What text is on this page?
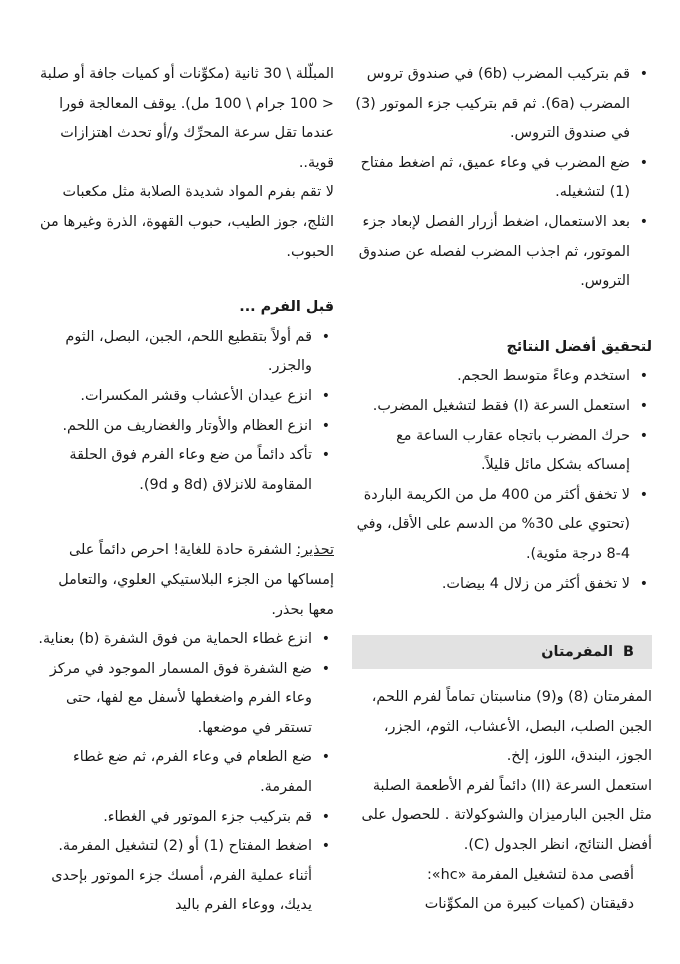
• قم بتركيب المضرب (6b) في صندوق تروس المضرب (6a). ثم قم بتركيب جزء الموتور (3) في صندوق التروس.
• ضع المضرب في وعاء عميق، ثم اضغط مفتاح (1) لتشغيله.
• بعد الاستعمال، اضغط أزرار الفصل لإبعاد جزء الموتور، ثم اجذب المضرب لفصله عن صندوق التروس.

لتحقيق أفضل النتائج

• استخدم وعاءً متوسط الحجم.
• استعمل السرعة (I) فقط لتشغيل المضرب.
• حرك المضرب باتجاه عقارب الساعة مع إمساكه بشكل مائل قليلاً.
• لا تخفق أكثر من 400 مل من الكريمة الباردة (تحتوي على 30% من الدسم على الأقل، وفي 4-8 درجة مئوية).
• لا تخفق أكثر من زلال 4 بيضات.
Bالمفرمتان

المفرمتان (8) و(9) مناسبتان تماماً لفرم اللحم، الجبن الصلب، البصل، الأعشاب، الثوم، الجزر، الجوز، البندق، اللوز، إلخ.

استعمل السرعة (II) دائماً لفرم الأطعمة الصلبة مثل الجبن البارميزان والشوكولاتة . للحصول على أفضل النتائج، انظر الجدول (C).

أقصى مدة لتشغيل المفرمة «hc»:

دقيقتان (كميات كبيرة من المكوِّنات

المبلّلة \ 30 ثانية (مكوِّنات أو كميات جافة أو صلبة < 100 جرام \ 100 مل). يوقف المعالجة فورا عندما تقل سرعة المحرِّك و/أو تحدث اهتزازات قوية..

لا تقم بفرم المواد شديدة الصلابة مثل مكعبات الثلج، جوز الطيب، حبوب القهوة، الذرة وغيرها من الحبوب.

قبل الفرم ...

• قم أولاً بتقطيع اللحم، الجبن، البصل، الثوم والجزر.
• انزع عيدان الأعشاب وقشر المكسرات.
• انزع العظام والأوتار والغضاريف من اللحم.
• تأكد دائماً من ضع وعاء الفرم فوق الحلقة المقاومة للانزلاق (8d و 9d).

تحذير: الشفرة حادة للغاية! احرص دائماً على إمساكها من الجزء البلاستيكي العلوي، والتعامل معها بحذر.

• انزع غطاء الحماية من فوق الشفرة (b) بعناية.
• ضع الشفرة فوق المسمار الموجود في مركز وعاء الفرم واضغطها لأسفل مع لفها، حتى تستقر في موضعها.
• ضع الطعام في وعاء الفرم، ثم ضع غطاء المفرمة.
• قم بتركيب جزء الموتور في الغطاء.
• اضغط المفتاح (1) أو (2) لتشغيل المفرمة. أثناء عملية الفرم، أمسك جزء الموتور بإحدى يديك، ووعاء الفرم باليد
